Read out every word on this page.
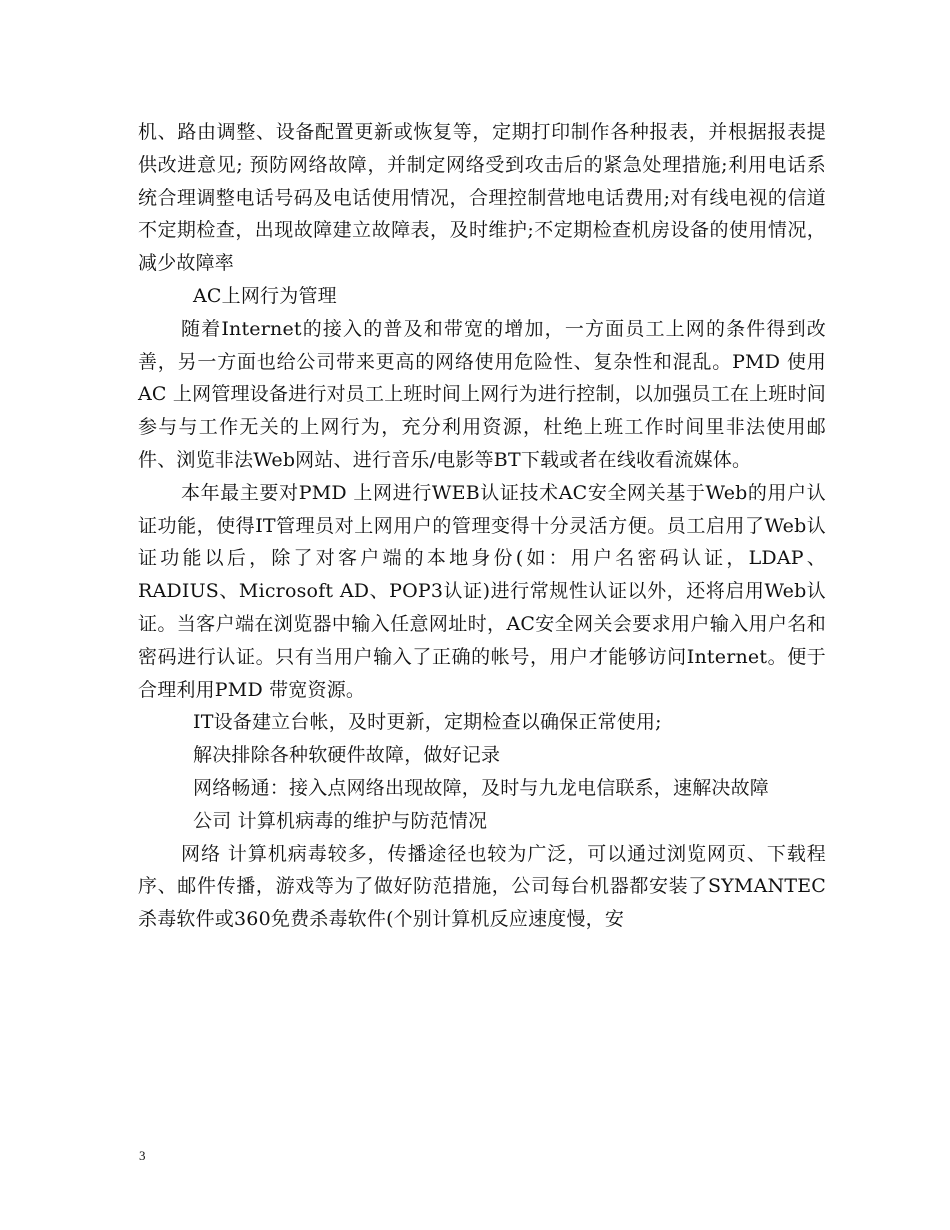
机、路由调整、设备配置更新或恢复等，定期打印制作各种报表，并根据报表提供改进意见; 预防网络故障，并制定网络受到攻击后的紧急处理措施;利用电话系统合理调整电话号码及电话使用情况，合理控制营地电话费用;对有线电视的信道不定期检查，出现故障建立故障表，及时维护;不定期检查机房设备的使用情况，减少故障率

AC上网行为管理

随着Internet的接入的普及和带宽的增加，一方面员工上网的条件得到改善，另一方面也给公司带来更高的网络使用危险性、复杂性和混乱。PMD 使用AC 上网管理设备进行对员工上班时间上网行为进行控制，以加强员工在上班时间参与与工作无关的上网行为，充分利用资源，杜绝上班工作时间里非法使用邮件、浏览非法Web网站、进行音乐/电影等BT下载或者在线收看流媒体。

本年最主要对PMD 上网进行WEB认证技术AC安全网关基于Web的用户认证功能，使得IT管理员对上网用户的管理变得十分灵活方便。员工启用了Web认证功能以后，除了对客户端的本地身份(如：用户名密码认证，LDAP、RADIUS、Microsoft AD、POP3认证)进行常规性认证以外，还将启用Web认证。当客户端在浏览器中输入任意网址时，AC安全网关会要求用户输入用户名和密码进行认证。只有当用户输入了正确的帐号，用户才能够访问Internet。便于合理利用PMD 带宽资源。

IT设备建立台帐，及时更新，定期检查以确保正常使用;

解决排除各种软硬件故障，做好记录

网络畅通：接入点网络出现故障，及时与九龙电信联系，速解决故障

公司 计算机病毒的维护与防范情况

网络 计算机病毒较多，传播途径也较为广泛，可以通过浏览网页、下载程序、邮件传播，游戏等为了做好防范措施，公司每台机器都安装了SYMANTEC杀毒软件或360免费杀毒软件(个别计算机反应速度慢，安

3
